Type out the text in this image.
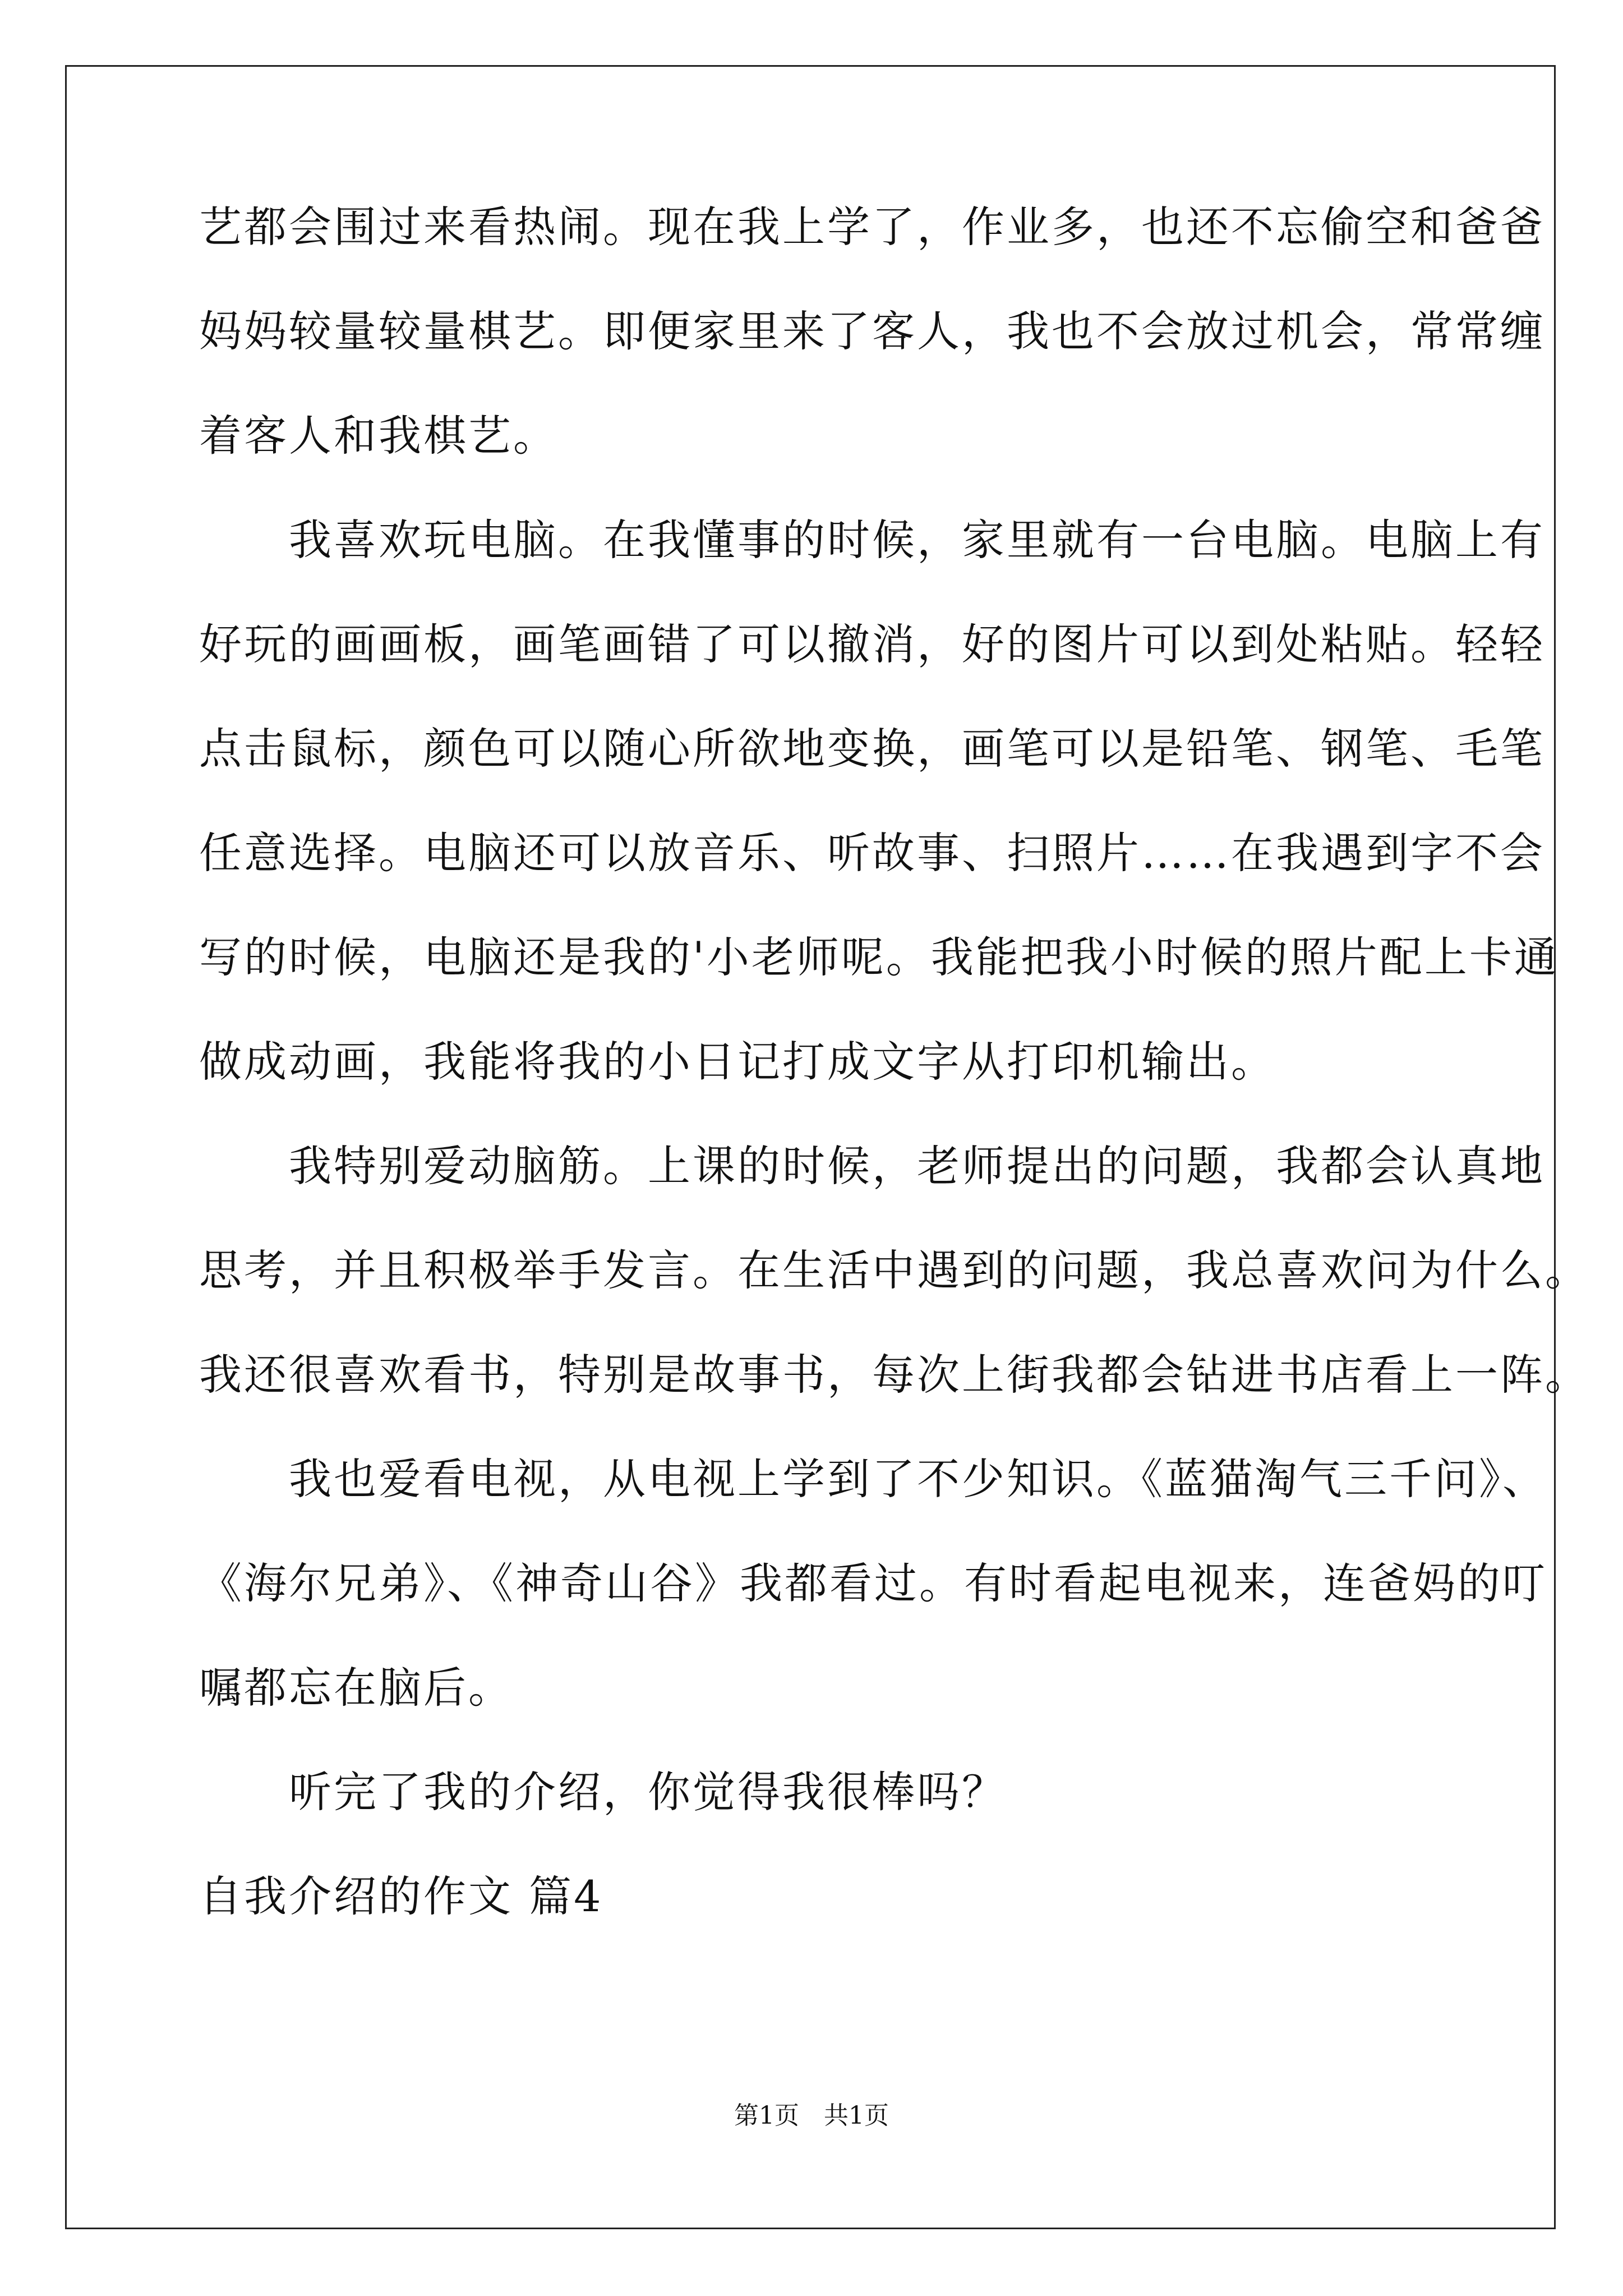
艺都会围过来看热闹。现在我上学了，作业多，也还不忘偷空和爸爸
妈妈较量较量棋艺。即便家里来了客人，我也不会放过机会，常常缠
着客人和我棋艺。
　　我喜欢玩电脑。在我懂事的时候，家里就有一台电脑。电脑上有
好玩的画画板，画笔画错了可以撤消，好的图片可以到处粘贴。轻轻
点击鼠标，颜色可以随心所欲地变换，画笔可以是铅笔、钢笔、毛笔
任意选择。电脑还可以放音乐、听故事、扫照片……在我遇到字不会
写的时候，电脑还是我的'小老师呢。我能把我小时候的照片配上卡通
做成动画，我能将我的小日记打成文字从打印机输出。
　　我特别爱动脑筋。上课的时候，老师提出的问题，我都会认真地
思考，并且积极举手发言。在生活中遇到的问题，我总喜欢问为什么。
我还很喜欢看书，特别是故事书，每次上街我都会钻进书店看上一阵。
　　我也爱看电视，从电视上学到了不少知识。《蓝猫淘气三千问》、
《海尔兄弟》、《神奇山谷》我都看过。有时看起电视来，连爸妈的叮
嘱都忘在脑后。
　　听完了我的介绍，你觉得我很棒吗？
自我介绍的作文 篇4
第1页　共1页
